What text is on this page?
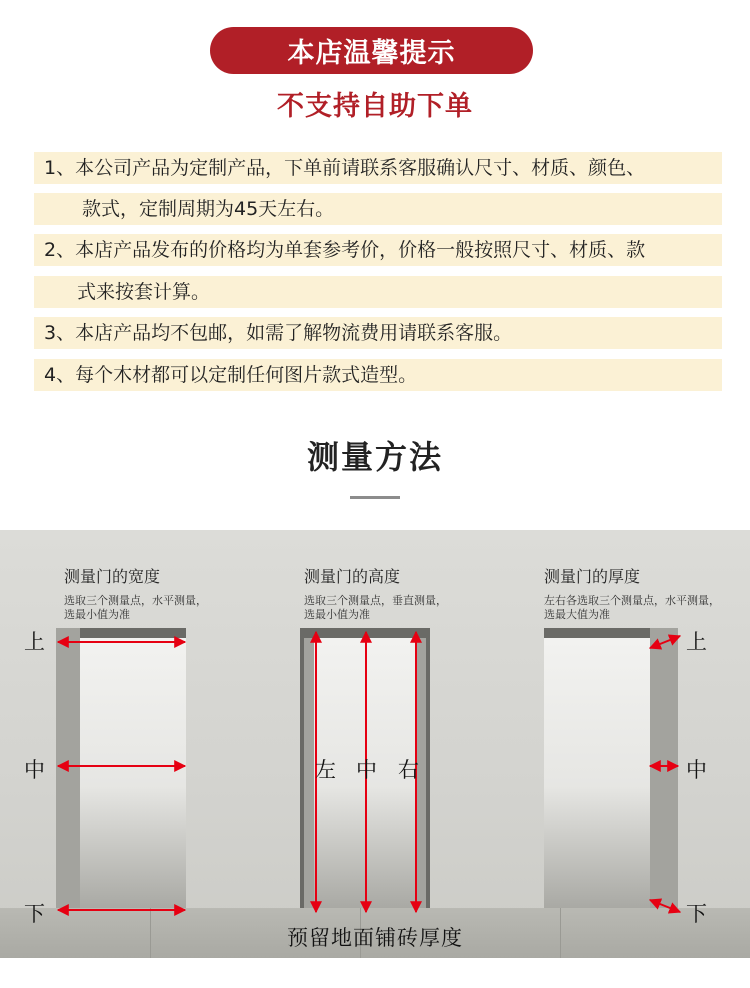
本店温馨提示
不支持自助下单
1、本公司产品为定制产品，下单前请联系客服确认尺寸、材质、颜色、
款式，定制周期为45天左右。
2、本店产品发布的价格均为单套参考价，价格一般按照尺寸、材质、款
式来按套计算。
3、本店产品均不包邮，如需了解物流费用请联系客服。
4、每个木材都可以定制任何图片款式造型。
测量方法
测量门的宽度
选取三个测量点，水平测量，
选最小值为准
测量门的高度
选取三个测量点，垂直测量，
选最小值为准
测量门的厚度
左右各选取三个测量点，水平测量，
选最大值为准
上
中
下
左 中 右
上
中
下
预留地面铺砖厚度
